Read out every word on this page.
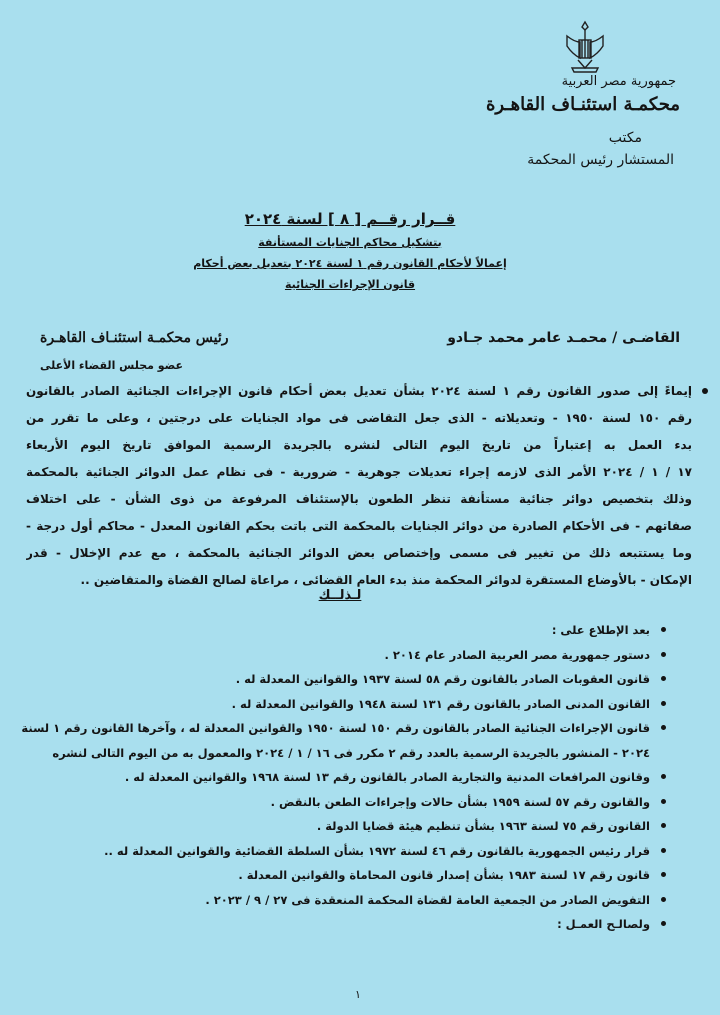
جمهورية مصر العربية
محكمـة استئنـاف القاهـرة
مكتب
المستشار رئيس المحكمة
قــرار رقــم [ ٨ ] لسنة ٢٠٢٤
بتشكيل محاكم الجنايات المستأنفة
إعمالاً لأحكام القانون رقم ١ لسنة ٢٠٢٤ بتعديل بعض أحكام
قانون الإجراءات الجنائية
القاضـى / محمـد عامر محمد جـادو
رئيس محكمـة استئنـاف القاهـرة
عضو مجلس القضاء الأعلى
إيماءً إلى صدور القانون رقم ١ لسنة ٢٠٢٤ بشأن تعديل بعض أحكام قانون الإجراءات الجنائية الصادر بالقانون
رقم ١٥٠ لسنة ١٩٥٠ - وتعديلاته - الذى جعل التقاضى فى مواد الجنايات على درجتين ، وعلى ما تقرر من
بدء العمل به إعتباراً من تاريخ اليوم التالى لنشره بالجريدة الرسمية الموافق تاريخ اليوم الأربعاء
١٧ / ١ / ٢٠٢٤ الأمر الذى لازمه إجراء تعديلات جوهرية - ضرورية - فى نظام عمل الدوائر الجنائية بالمحكمة
وذلك بتخصيص دوائر جنائية مستأنفة تنظر الطعون بالإستئناف المرفوعة من ذوى الشأن - على اختلاف
صفاتهم - فى الأحكام الصادرة من دوائر الجنايات بالمحكمة التى باتت بحكم القانون المعدل - محاكم أول درجة -
وما يستتبعه ذلك من تغيير فى مسمى وإختصاص بعض الدوائر الجنائية بالمحكمة ، مع عدم الإخلال - قدر
الإمكان - بالأوضاع المستقرة لدوائر المحكمة منذ بدء العام القضائى ، مراعاة لصالح القضاة والمتقاضين ..
لـذلــك
بعد الإطلاع على :
دستور جمهورية مصر العربية الصادر عام ٢٠١٤ .
قانون العقوبات الصادر بالقانون رقم ٥٨ لسنة ١٩٣٧ والقوانين المعدلة له .
القانون المدنى الصادر بالقانون رقم ١٣١ لسنة ١٩٤٨ والقوانين المعدلة له .
قانون الإجراءات الجنائية الصادر بالقانون رقم ١٥٠ لسنة ١٩٥٠ والقوانين المعدلة له ، وآخرها القانون رقم ١ لسنة
٢٠٢٤ - المنشور بالجريدة الرسمية بالعدد رقم ٢ مكرر فى ١٦ / ١ / ٢٠٢٤ والمعمول به من اليوم التالى لنشره
وقانون المرافعات المدنية والتجارية الصادر بالقانون رقم ١٣ لسنة ١٩٦٨ والقوانين المعدلة له .
والقانون رقم ٥٧ لسنة ١٩٥٩ بشأن حالات وإجراءات الطعن بالنقض .
القانون رقم ٧٥ لسنة ١٩٦٣ بشأن تنظيم هيئة قضايا الدولة .
قرار رئيس الجمهورية بالقانون رقم ٤٦ لسنة ١٩٧٢ بشأن السلطة القضائية والقوانين المعدلة له ..
قانون رقم ١٧ لسنة ١٩٨٣ بشأن إصدار قانون المحاماة والقوانين المعدلة .
التفويض الصادر من الجمعية العامة لقضاة المحكمة المنعقدة فى ٢٧ / ٩ / ٢٠٢٣ .
ولصالـح العمـل :
١
